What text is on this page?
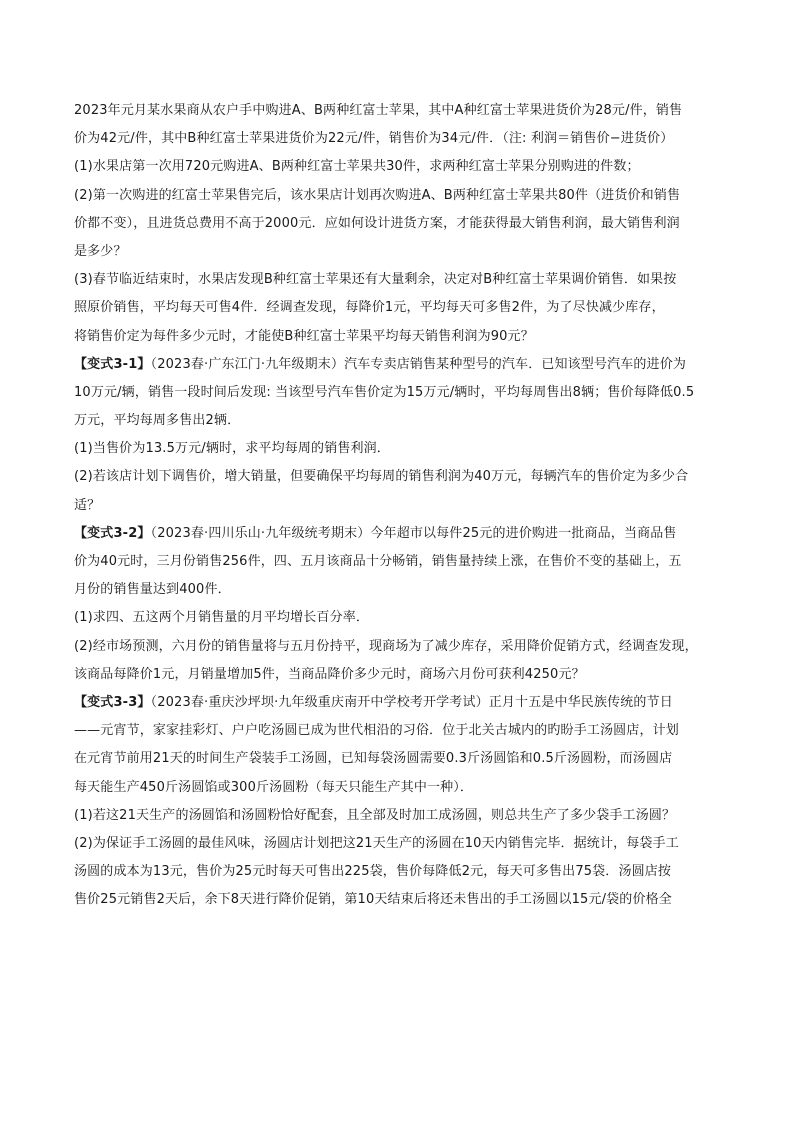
2023年元月某水果商从农户手中购进A、B两种红富士苹果，其中A种红富士苹果进货价为28元/件，销售
价为42元/件，其中B种红富士苹果进货价为22元/件，销售价为34元/件．（注: 利润＝销售价−进货价）
(1)水果店第一次用720元购进A、B两种红富士苹果共30件，求两种红富士苹果分别购进的件数；
(2)第一次购进的红富士苹果售完后，该水果店计划再次购进A、B两种红富士苹果共80件（进货价和销售
价都不变），且进货总费用不高于2000元．应如何设计进货方案，才能获得最大销售利润，最大销售利润
是多少？
(3)春节临近结束时，水果店发现B种红富士苹果还有大量剩余，决定对B种红富士苹果调价销售．如果按
照原价销售，平均每天可售4件．经调查发现，每降价1元，平均每天可多售2件，为了尽快减少库存，
将销售价定为每件多少元时，才能使B种红富士苹果平均每天销售利润为90元？
【变式3-1】（2023春·广东江门·九年级期末）汽车专卖店销售某种型号的汽车．已知该型号汽车的进价为
10万元/辆，销售一段时间后发现: 当该型号汽车售价定为15万元/辆时，平均每周售出8辆；售价每降低0.5
万元，平均每周多售出2辆．
(1)当售价为13.5万元/辆时，求平均每周的销售利润．
(2)若该店计划下调售价，增大销量，但要确保平均每周的销售利润为40万元，每辆汽车的售价定为多少合
适？
【变式3-2】（2023春·四川乐山·九年级统考期末）今年超市以每件25元的进价购进一批商品，当商品售
价为40元时，三月份销售256件，四、五月该商品十分畅销，销售量持续上涨，在售价不变的基础上，五
月份的销售量达到400件．
(1)求四、五这两个月销售量的月平均增长百分率．
(2)经市场预测，六月份的销售量将与五月份持平，现商场为了减少库存，采用降价促销方式，经调查发现，
该商品每降价1元，月销量增加5件，当商品降价多少元时，商场六月份可获利4250元？
【变式3-3】（2023春·重庆沙坪坝·九年级重庆南开中学校考开学考试）正月十五是中华民族传统的节日
——元宵节，家家挂彩灯、户户吃汤圆已成为世代相沿的习俗．位于北关古城内的旳盼手工汤圆店，计划
在元宵节前用21天的时间生产袋装手工汤圆，已知每袋汤圆需要0.3斤汤圆馅和0.5斤汤圆粉，而汤圆店
每天能生产450斤汤圆馅或300斤汤圆粉（每天只能生产其中一种）．
(1)若这21天生产的汤圆馅和汤圆粉恰好配套，且全部及时加工成汤圆，则总共生产了多少袋手工汤圆？
(2)为保证手工汤圆的最佳风味，汤圆店计划把这21天生产的汤圆在10天内销售完毕．据统计，每袋手工
汤圆的成本为13元，售价为25元时每天可售出225袋，售价每降低2元，每天可多售出75袋．汤圆店按
售价25元销售2天后，余下8天进行降价促销，第10天结束后将还未售出的手工汤圆以15元/袋的价格全
